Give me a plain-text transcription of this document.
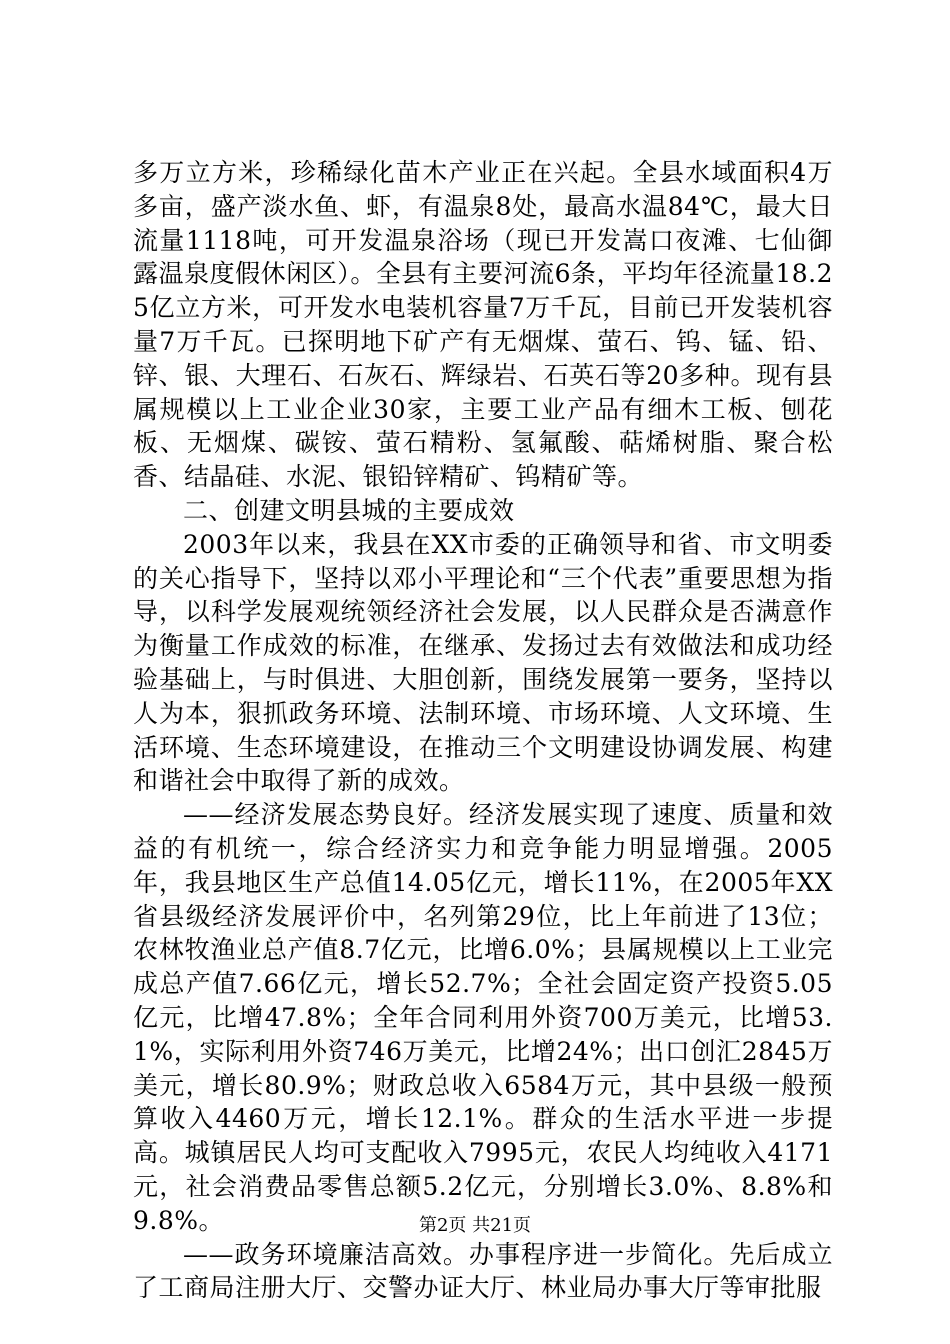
多万立方米，珍稀绿化苗木产业正在兴起。全县水域面积4万多亩，盛产淡水鱼、虾，有温泉8处，最高水温84℃，最大日流量1118吨，可开发温泉浴场（现已开发嵩口夜滩、七仙御露温泉度假休闲区）。全县有主要河流6条，平均年径流量18.25亿立方米，可开发水电装机容量7万千瓦，目前已开发装机容量7万千瓦。已探明地下矿产有无烟煤、萤石、钨、锰、铅、锌、银、大理石、石灰石、辉绿岩、石英石等20多种。现有县属规模以上工业企业30家，主要工业产品有细木工板、刨花板、无烟煤、碳铵、萤石精粉、氢氟酸、萜烯树脂、聚合松香、结晶硅、水泥、银铅锌精矿、钨精矿等。

二、创建文明县城的主要成效

2003年以来，我县在XX市委的正确领导和省、市文明委的关心指导下，坚持以邓小平理论和“三个代表”重要思想为指导，以科学发展观统领经济社会发展，以人民群众是否满意作为衡量工作成效的标准，在继承、发扬过去有效做法和成功经验基础上，与时俱进、大胆创新，围绕发展第一要务，坚持以人为本，狠抓政务环境、法制环境、市场环境、人文环境、生活环境、生态环境建设，在推动三个文明建设协调发展、构建和谐社会中取得了新的成效。

——经济发展态势良好。经济发展实现了速度、质量和效益的有机统一，综合经济实力和竞争能力明显增强。2005年，我县地区生产总值14.05亿元，增长11%，在2005年XX省县级经济发展评价中，名列第29位，比上年前进了13位；农林牧渔业总产值8.7亿元，比增6.0%；县属规模以上工业完成总产值7.66亿元，增长52.7%；全社会固定资产投资5.05亿元，比增47.8%；全年合同利用外资700万美元，比增53.1%，实际利用外资746万美元，比增24%；出口创汇2845万美元，增长80.9%；财政总收入6584万元，其中县级一般预算收入4460万元，增长12.1%。群众的生活水平进一步提高。城镇居民人均可支配收入7995元，农民人均纯收入4171元，社会消费品零售总额5.2亿元，分别增长3.0%、8.8%和9.8%。

——政务环境廉洁高效。办事程序进一步简化。先后成立了工商局注册大厅、交警办证大厅、林业局办事大厅等审批服

第2页 共21页
